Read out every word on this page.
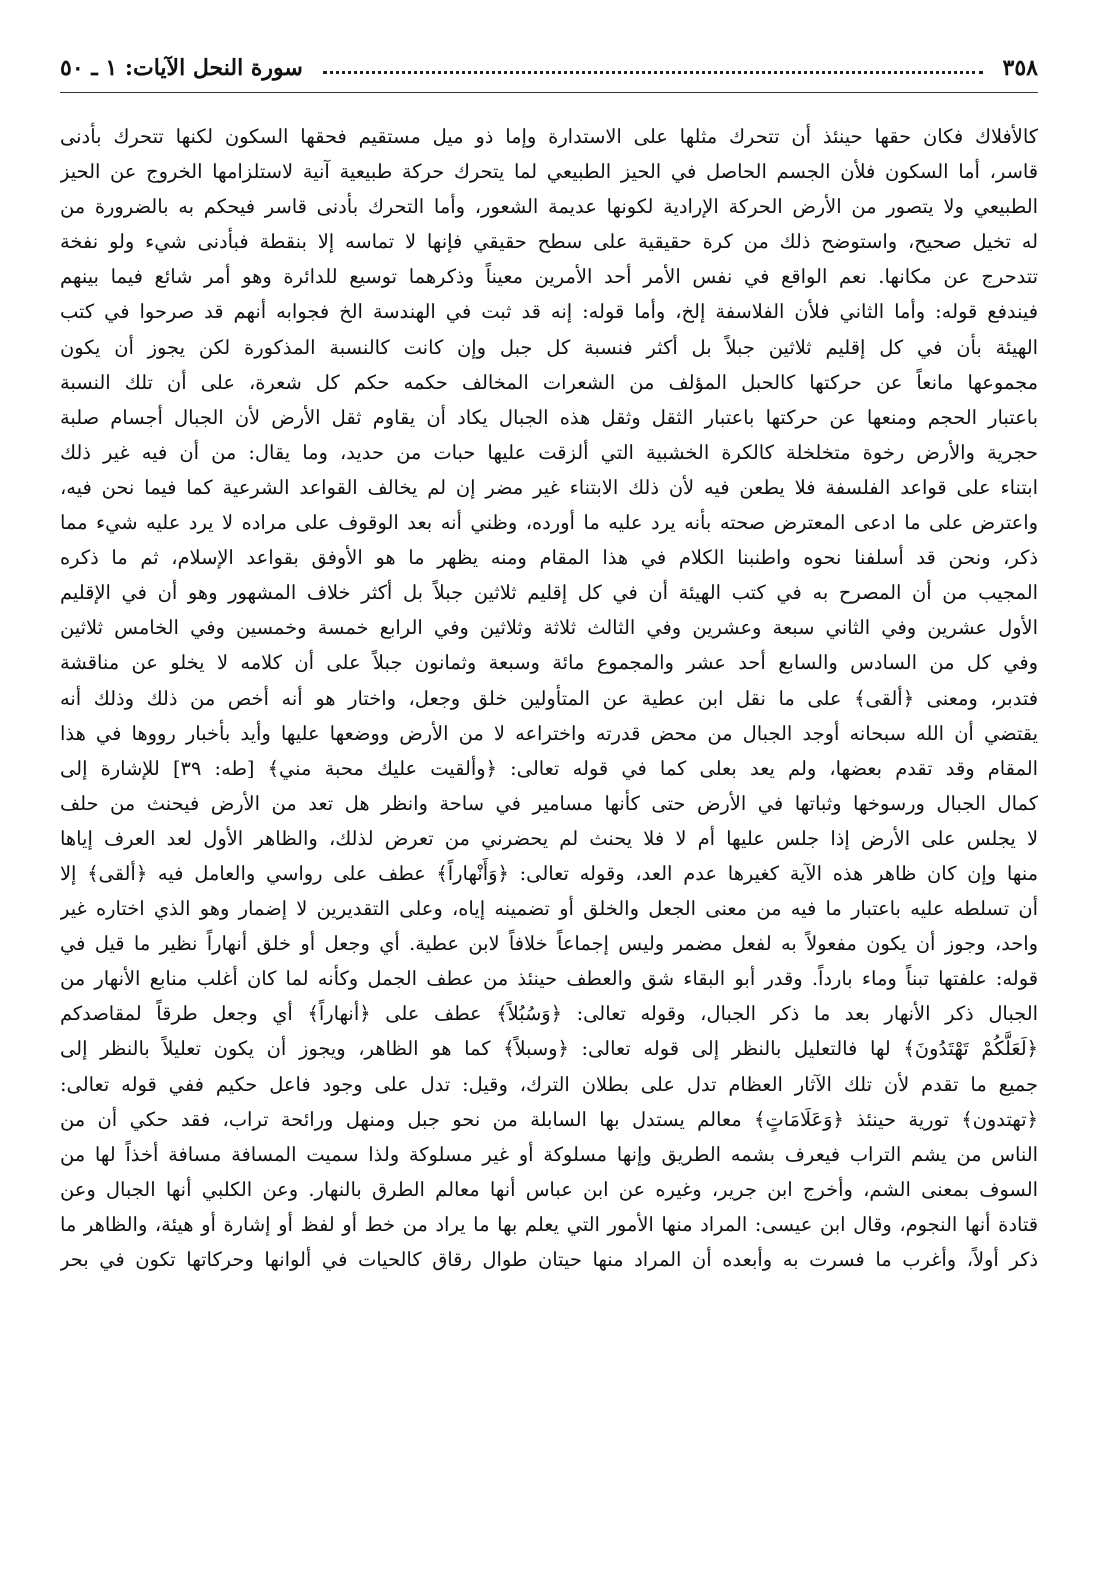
٣٥٨
سورة النحل الآيات: ١ ـ ٥٠
كالأفلاك فكان حقها حينئذ أن تتحرك مثلها على الاستدارة وإما ذو ميل مستقيم فحقها السكون لكنها تتحرك بأدنى
قاسر، أما السكون فلأن الجسم الحاصل في الحيز الطبيعي لما يتحرك حركة طبيعية آنية لاستلزامها الخروج عن الحيز
الطبيعي ولا يتصور من الأرض الحركة الإرادية لكونها عديمة الشعور، وأما التحرك بأدنى قاسر فيحكم به بالضرورة من
له تخيل صحيح، واستوضح ذلك من كرة حقيقية على سطح حقيقي فإنها لا تماسه إلا بنقطة فبأدنى شيء ولو نفخة
تتدحرج عن مكانها. نعم الواقع في نفس الأمر أحد الأمرين معيناً وذكرهما توسيع للدائرة وهو أمر شائع فيما بينهم
فيندفع قوله: وأما الثاني فلأن الفلاسفة إلخ، وأما قوله: إنه قد ثبت في الهندسة الخ فجوابه أنهم قد صرحوا في كتب
الهيئة بأن في كل إقليم ثلاثين جبلاً بل أكثر فنسبة كل جبل وإن كانت كالنسبة المذكورة لكن يجوز أن يكون
مجموعها مانعاً عن حركتها كالحبل المؤلف من الشعرات المخالف حكمه حكم كل شعرة، على أن تلك النسبة
باعتبار الحجم ومنعها عن حركتها باعتبار الثقل وثقل هذه الجبال يكاد أن يقاوم ثقل الأرض لأن الجبال أجسام صلبة
حجرية والأرض رخوة متخلخلة كالكرة الخشبية التي ألزقت عليها حبات من حديد، وما يقال: من أن فيه غير ذلك
ابتناء على قواعد الفلسفة فلا يطعن فيه لأن ذلك الابتناء غير مضر إن لم يخالف القواعد الشرعية كما فيما نحن فيه،
واعترض على ما ادعى المعترض صحته بأنه يرد عليه ما أورده، وظني أنه بعد الوقوف على مراده لا يرد عليه شيء مما
ذكر، ونحن قد أسلفنا نحوه واطنبنا الكلام في هذا المقام ومنه يظهر ما هو الأوفق بقواعد الإسلام، ثم ما ذكره
المجيب من أن المصرح به في كتب الهيئة أن في كل إقليم ثلاثين جبلاً بل أكثر خلاف المشهور وهو أن في الإقليم
الأول عشرين وفي الثاني سبعة وعشرين وفي الثالث ثلاثة وثلاثين وفي الرابع خمسة وخمسين وفي الخامس ثلاثين
وفي كل من السادس والسابع أحد عشر والمجموع مائة وسبعة وثمانون جبلاً على أن كلامه لا يخلو عن مناقشة
فتدبر، ومعنى ﴿ألقى﴾ على ما نقل ابن عطية عن المتأولين خلق وجعل، واختار هو أنه أخص من ذلك وذلك أنه
يقتضي أن الله سبحانه أوجد الجبال من محض قدرته واختراعه لا من الأرض ووضعها عليها وأيد بأخبار رووها في هذا
المقام وقد تقدم بعضها، ولم يعد بعلى كما في قوله تعالى: ﴿وألقيت عليك محبة مني﴾ [طه: ٣٩] للإشارة إلى
كمال الجبال ورسوخها وثباتها في الأرض حتى كأنها مسامير في ساحة وانظر هل تعد من الأرض فيحنث من حلف
لا يجلس على الأرض إذا جلس عليها أم لا فلا يحنث لم يحضرني من تعرض لذلك، والظاهر الأول لعد العرف إياها
منها وإن كان ظاهر هذه الآية كغيرها عدم العد، وقوله تعالى: ﴿وَأَنْهاراً﴾ عطف على رواسي والعامل فيه ﴿ألقى﴾ إلا
أن تسلطه عليه باعتبار ما فيه من معنى الجعل والخلق أو تضمينه إياه، وعلى التقديرين لا إضمار وهو الذي اختاره غير
واحد، وجوز أن يكون مفعولاً به لفعل مضمر وليس إجماعاً خلافاً لابن عطية. أي وجعل أو خلق أنهاراً نظير ما قيل في
قوله: علفتها تبناً وماء بارداً. وقدر أبو البقاء شق والعطف حينئذ من عطف الجمل وكأنه لما كان أغلب منابع الأنهار من
الجبال ذكر الأنهار بعد ما ذكر الجبال، وقوله تعالى: ﴿وَسُبُلاً﴾ عطف على ﴿أنهاراً﴾ أي وجعل طرقاً لمقاصدكم
﴿لَعَلَّكُمْ تَهْتَدُونَ﴾ لها فالتعليل بالنظر إلى قوله تعالى: ﴿وسبلاً﴾ كما هو الظاهر، ويجوز أن يكون تعليلاً بالنظر إلى
جميع ما تقدم لأن تلك الآثار العظام تدل على بطلان الترك، وقيل: تدل على وجود فاعل حكيم ففي قوله تعالى:
﴿تهتدون﴾ تورية حينئذ ﴿وَعَلَامَاتٍ﴾ معالم يستدل بها السابلة من نحو جبل ومنهل ورائحة تراب، فقد حكي أن من
الناس من يشم التراب فيعرف بشمه الطريق وإنها مسلوكة أو غير مسلوكة ولذا سميت المسافة مسافة أخذاً لها من
السوف بمعنى الشم، وأخرج ابن جرير، وغيره عن ابن عباس أنها معالم الطرق بالنهار. وعن الكلبي أنها الجبال وعن
قتادة أنها النجوم، وقال ابن عيسى: المراد منها الأمور التي يعلم بها ما يراد من خط أو لفظ أو إشارة أو هيئة، والظاهر ما
ذكر أولاً، وأغرب ما فسرت به وأبعده أن المراد منها حيتان طوال رقاق كالحيات في ألوانها وحركاتها تكون في بحر
